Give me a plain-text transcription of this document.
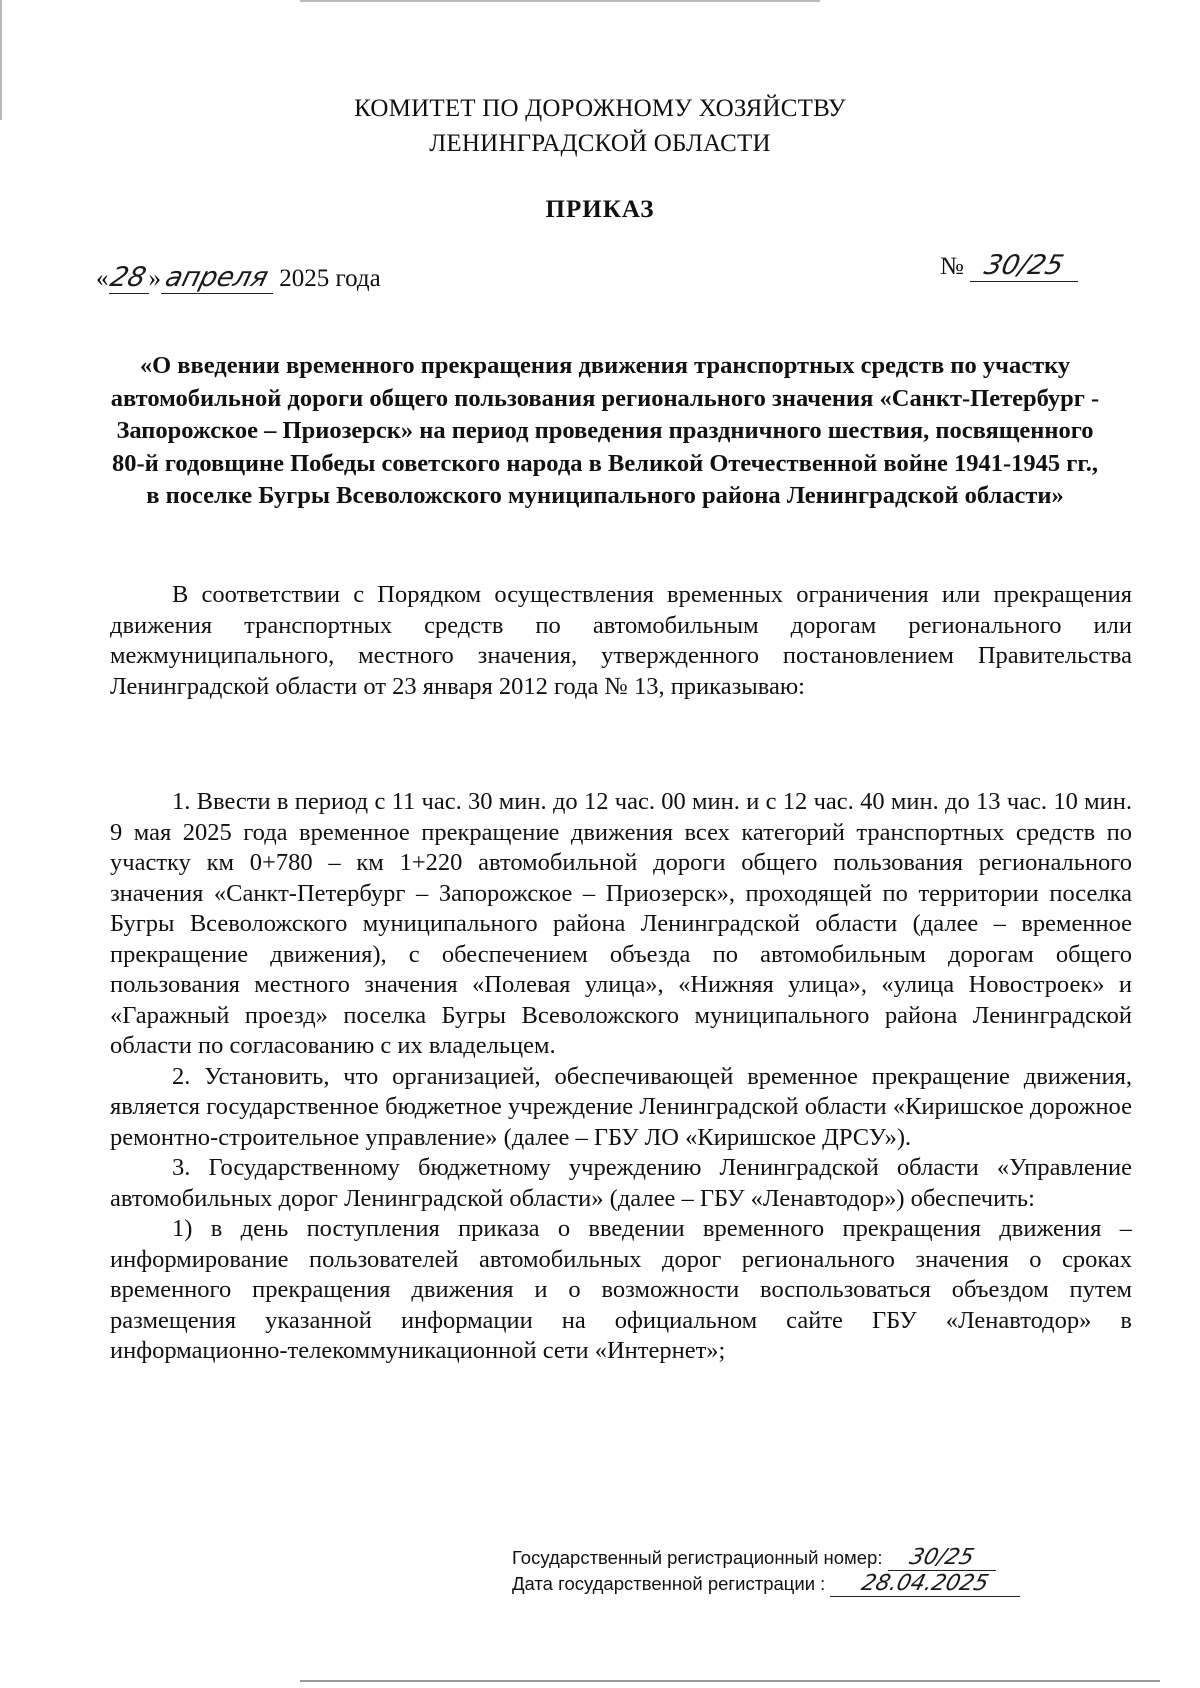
КОМИТЕТ ПО ДОРОЖНОМУ ХОЗЯЙСТВУ
ЛЕНИНГРАДСКОЙ ОБЛАСТИ
ПРИКАЗ
«28»апреля 2025 года	№ 30/25
«О введении временного прекращения движения транспортных средств по участку автомобильной дороги общего пользования регионального значения «Санкт-Петербург - Запорожское – Приозерск» на период проведения праздничного шествия, посвященного 80-й годовщине Победы советского народа в Великой Отечественной войне 1941-1945 гг., в поселке Бугры Всеволожского муниципального района Ленинградской области»

В соответствии с Порядком осуществления временных ограничения или прекращения движения транспортных средств по автомобильным дорогам регионального или межмуниципального, местного значения, утвержденного постановлением Правительства Ленинградской области от 23 января 2012 года № 13, приказываю:

1. Ввести в период с 11 час. 30 мин. до 12 час. 00 мин. и с 12 час. 40 мин. до 13 час. 10 мин. 9 мая 2025 года временное прекращение движения всех категорий транспортных средств по участку км 0+780 – км 1+220 автомобильной дороги общего пользования регионального значения «Санкт-Петербург – Запорожское – Приозерск», проходящей по территории поселка Бугры Всеволожского муниципального района Ленинградской области (далее – временное прекращение движения), с обеспечением объезда по автомобильным дорогам общего пользования местного значения «Полевая улица», «Нижняя улица», «улица Новостроек» и «Гаражный проезд» поселка Бугры Всеволожского муниципального района Ленинградской области по согласованию с их владельцем.

2. Установить, что организацией, обеспечивающей временное прекращение движения, является государственное бюджетное учреждение Ленинградской области «Киришское дорожное ремонтно-строительное управление» (далее – ГБУ ЛО «Киришское ДРСУ»).

3. Государственному бюджетному учреждению Ленинградской области «Управление автомобильных дорог Ленинградской области» (далее – ГБУ «Ленавтодор») обеспечить:

1) в день поступления приказа о введении временного прекращения движения – информирование пользователей автомобильных дорог регионального значения о сроках временного прекращения движения и о возможности воспользоваться объездом путем размещения указанной информации на официальном сайте ГБУ «Ленавтодор» в информационно-телекоммуникационной сети «Интернет»;

Государственный регистрационный номер: 30/25
Дата государственной регистрации : 28.04.2025
